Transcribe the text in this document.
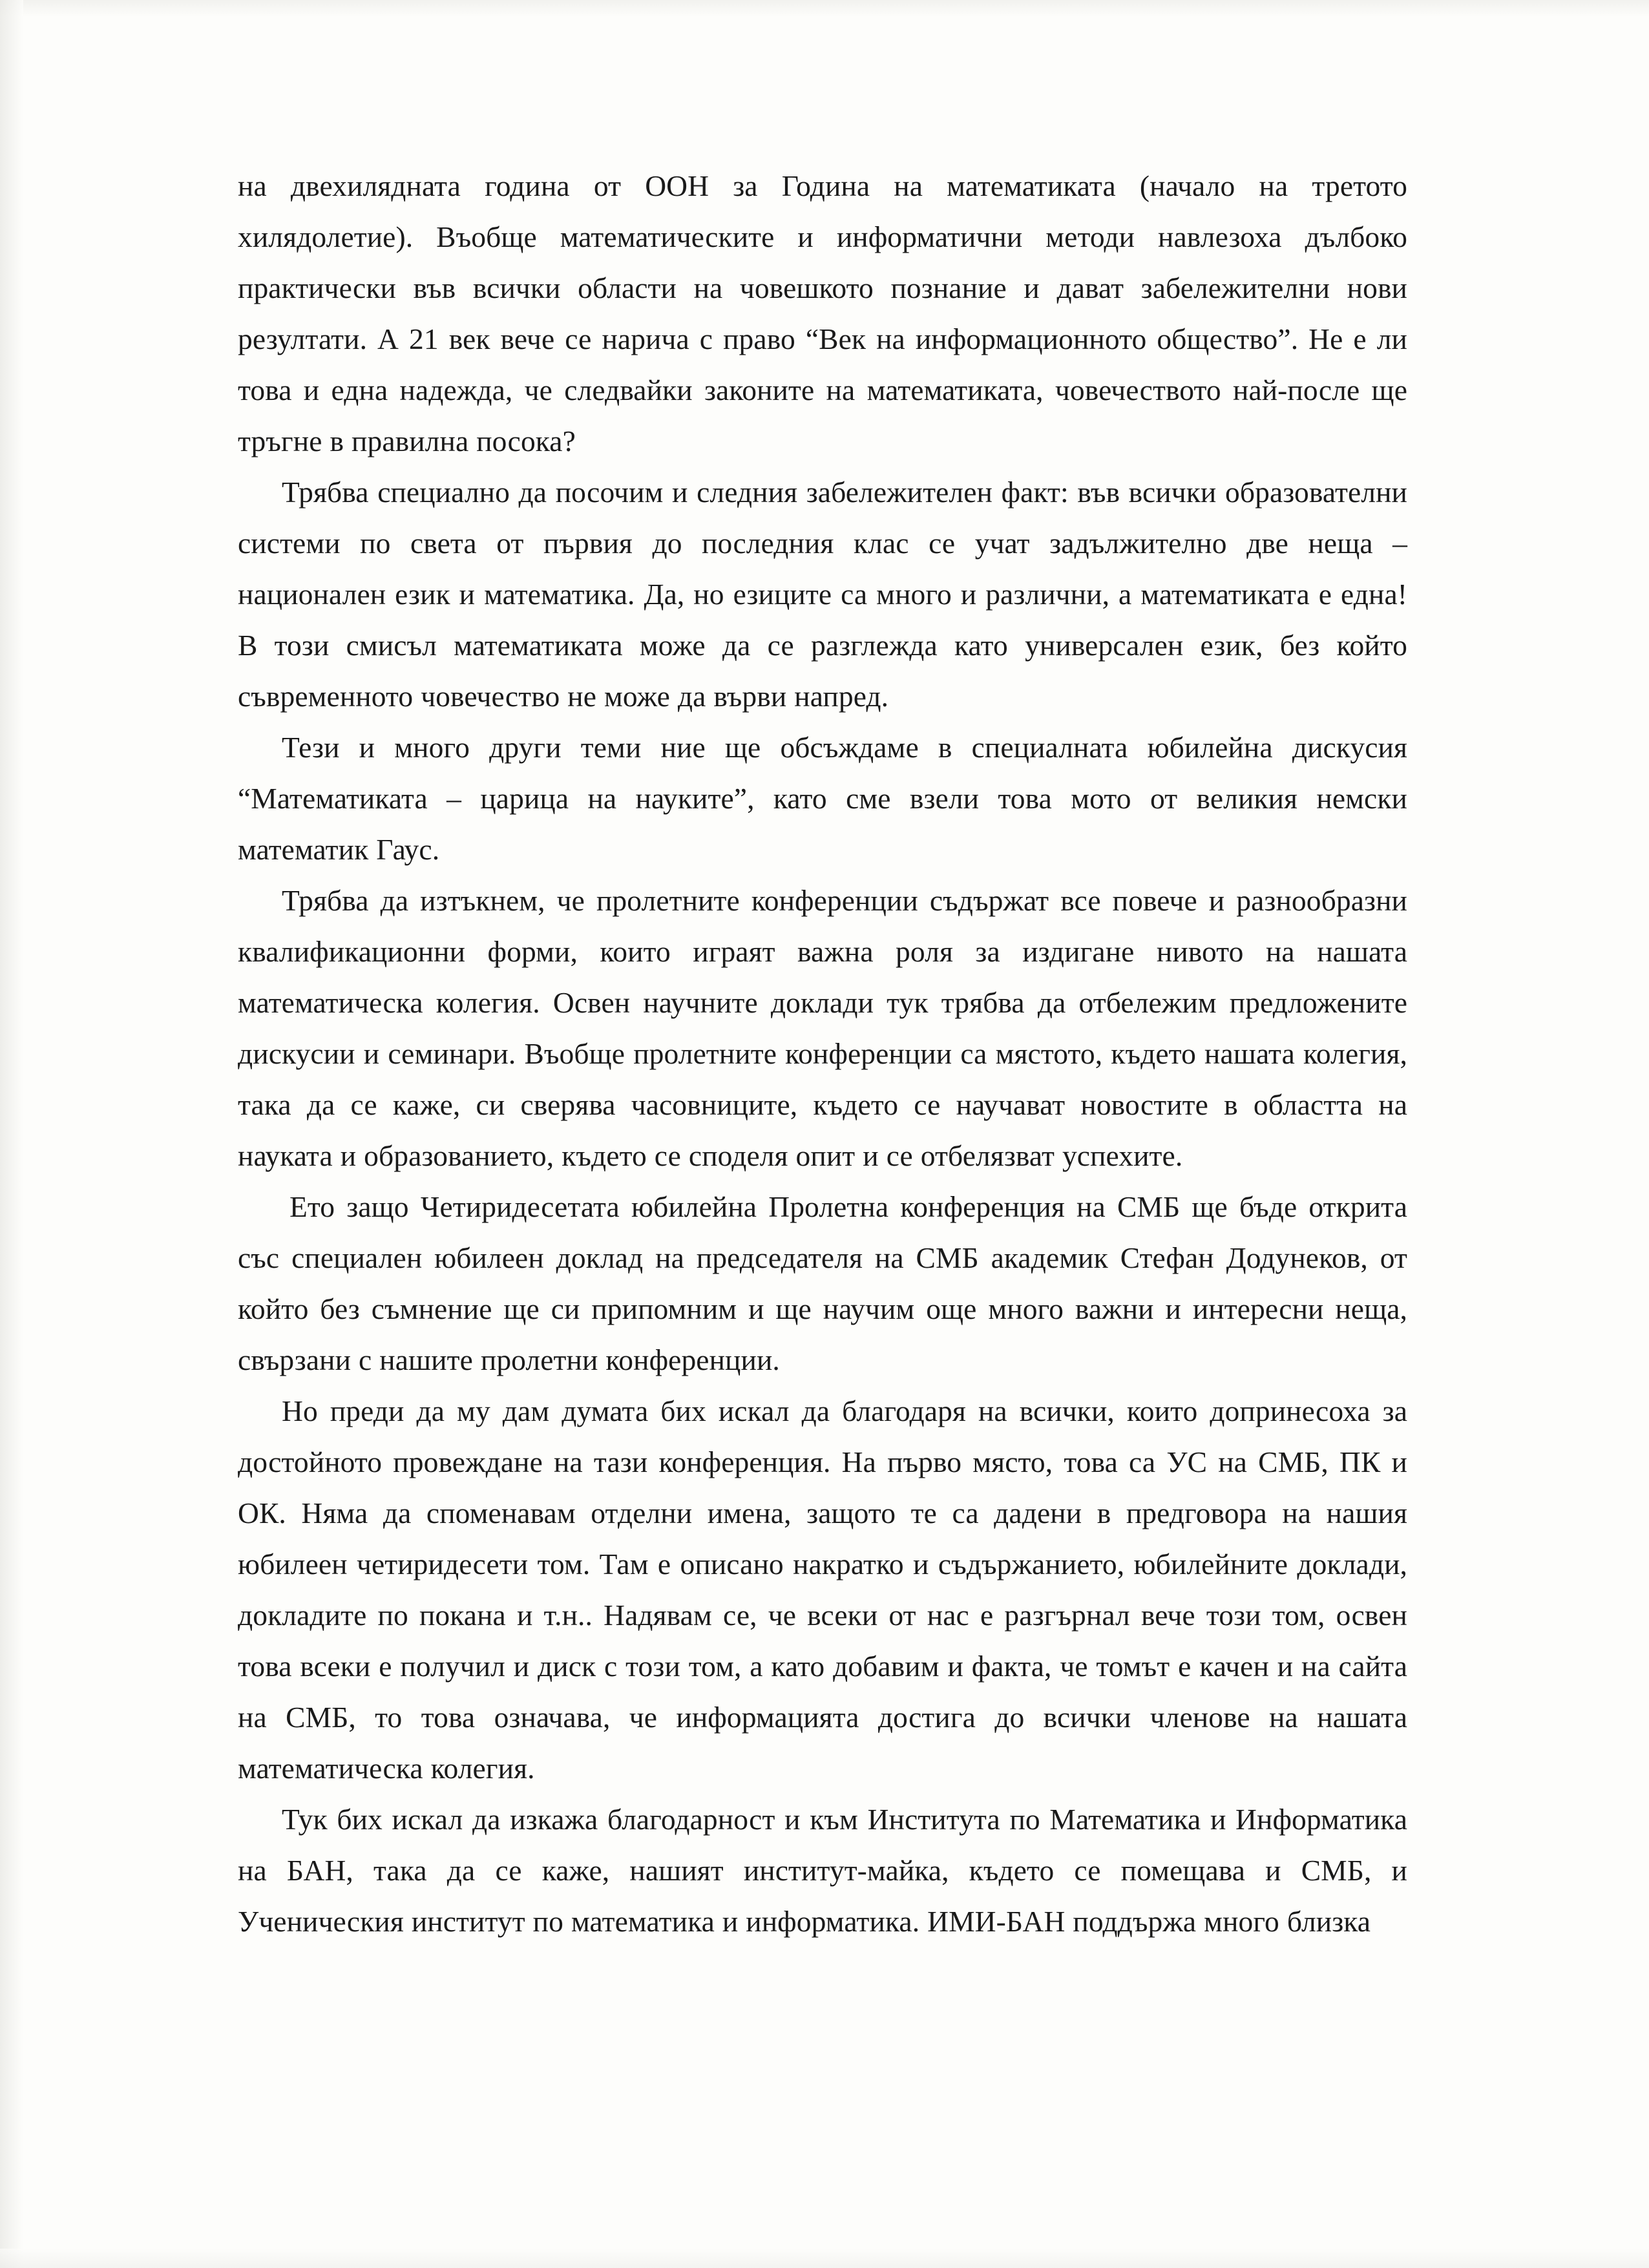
на двехилядната година от ООН за Година на математиката (начало на третото хилядолетие). Въобще математическите и информатични методи навлезоха дълбоко практически във всички области на човешкото познание и дават забележителни нови резултати. А 21 век вече се нарича с право “Век на информационното общество”. Не е ли това и една надежда, че следвайки законите на математиката, човечеството най-после ще тръгне в правилна посока?

Трябва специално да посочим и следния забележителен факт: във всички образователни системи по света от първия до последния клас се учат задължително две неща – национален език и математика. Да, но езиците са много и различни, а математиката е една! В този смисъл математиката може да се разглежда като универсален език, без който съвременното човечество не може да върви напред.

Тези и много други теми ние ще обсъждаме в специалната юбилейна дискусия “Математиката – царица на науките”, като сме взели това мото от великия немски математик Гаус.

Трябва да изтъкнем, че пролетните конференции съдържат все повече и разнообразни квалификационни форми, които играят важна роля за издигане нивото на нашата математическа колегия. Освен научните доклади тук трябва да отбележим предложените дискусии и семинари. Въобще пролетните конференции са мястото, където нашата колегия, така да се каже, си сверява часовниците, където се научават новостите в областта на науката и образованието, където се споделя опит и се отбелязват успехите.

Ето защо Четиридесетата юбилейна Пролетна конференция на СМБ ще бъде открита със специален юбилеен доклад на председателя на СМБ академик Стефан Додунеков, от който без съмнение ще си припомним и ще научим още много важни и интересни неща, свързани с нашите пролетни конференции.

Но преди да му дам думата бих искал да благодаря на всички, които допринесоха за достойното провеждане на тази конференция. На първо място, това са УС на СМБ, ПК и ОК. Няма да споменавам отделни имена, защото те са дадени в предговора на нашия юбилеен четиридесети том. Там е описано накратко и съдържанието, юбилейните доклади, докладите по покана и т.н.. Надявам се, че всеки от нас е разгърнал вече този том, освен това всеки е получил и диск с този том, а като добавим и факта, че томът е качен и на сайта на СМБ, то това означава, че информацията достига до всички членове на нашата математическа колегия.

Тук бих искал да изкажа благодарност и към Института по Математика и Информатика на БАН, така да се каже, нашият институт-майка, където се помещава и СМБ, и Ученическия институт по математика и информатика. ИМИ-БАН поддържа много близка
